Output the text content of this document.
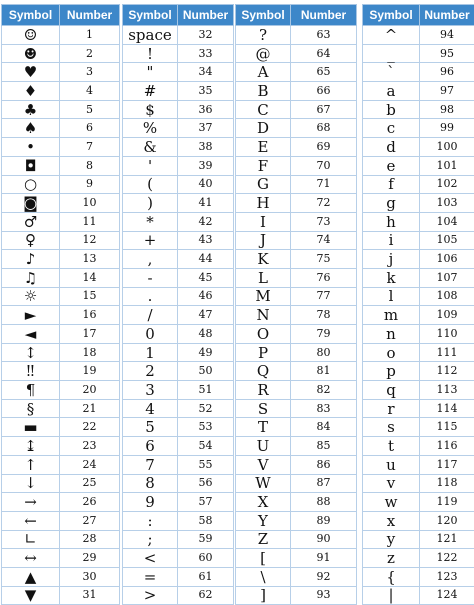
Symbol	Number
☺	1
☻	2
♥	3
♦	4
♣	5
♠	6
•	7
◘	8
○	9
◙	10
♂	11
♀	12
♪	13
♫	14
☼	15
►	16
◄	17
↕	18
‼	19
¶	20
§	21
▬	22
↨	23
↑	24
↓	25
→	26
←	27
∟	28
↔	29
▲	30
▼	31
Symbol	Number
space	32
!	33
"	34
#	35
$	36
%	37
&	38
'	39
(	40
)	41
*	42
+	43
,	44
-	45
.	46
/	47
0	48
1	49
2	50
3	51
4	52
5	53
6	54
7	55
8	56
9	57
:	58
;	59
<	60
=	61
>	62
Symbol	Number
?	63
@	64
A	65
B	66
C	67
D	68
E	69
F	70
G	71
H	72
I	73
J	74
K	75
L	76
M	77
N	78
O	79
P	80
Q	81
R	82
S	83
T	84
U	85
V	86
W	87
X	88
Y	89
Z	90
[	91
\	92
]	93
Symbol	Number
^	94
_	95
`	96
a	97
b	98
c	99
d	100
e	101
f	102
g	103
h	104
i	105
j	106
k	107
l	108
m	109
n	110
o	111
p	112
q	113
r	114
s	115
t	116
u	117
v	118
w	119
x	120
y	121
z	122
{	123
|	124
